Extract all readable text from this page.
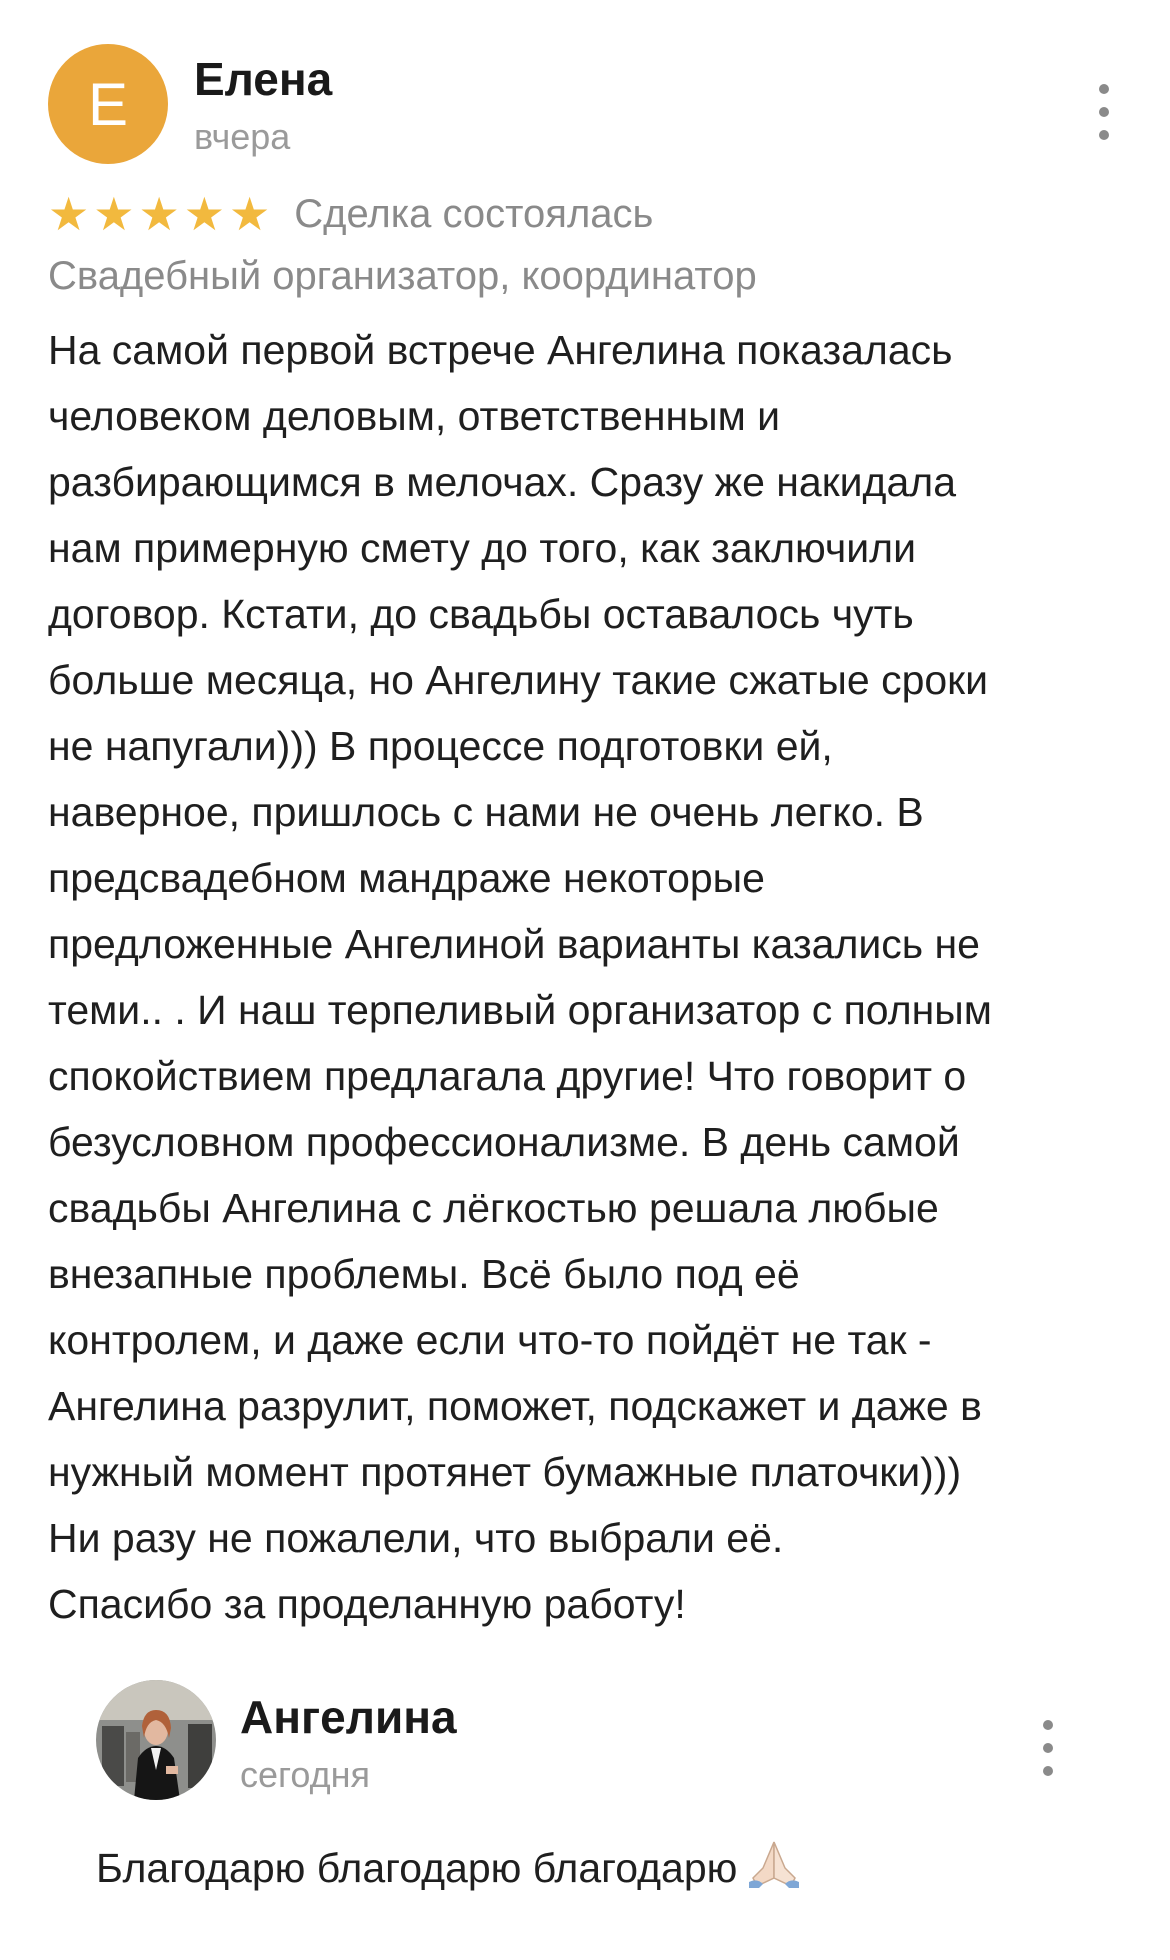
Е	Елена
вчера
★ ★ ★ ★ ★ Сделка состоялась
Свадебный организатор, координатор
На самой первой встрече Ангелина показалась
человеком деловым, ответственным и
разбирающимся в мелочах. Сразу же накидала
нам примерную смету до того, как заключили
договор. Кстати, до свадьбы оставалось чуть
больше месяца, но Ангелину такие сжатые сроки
не напугали))) В процессе подготовки ей,
наверное, пришлось с нами не очень легко. В
предсвадебном мандраже некоторые
предложенные Ангелиной варианты казались не
теми.. . И наш терпеливый организатор с полным
спокойствием предлагала другие! Что говорит о
безусловном профессионализме. В день самой
свадьбы Ангелина с лёгкостью решала любые
внезапные проблемы. Всё было под её
контролем, и даже если что-то пойдёт не так -
Ангелина разрулит, поможет, подскажет и даже в
нужный момент протянет бумажные платочки)))
Ни разу не пожалели, что выбрали её.
Спасибо за проделанную работу!
Ангелина
сегодня
Благодарю благодарю благодарю
